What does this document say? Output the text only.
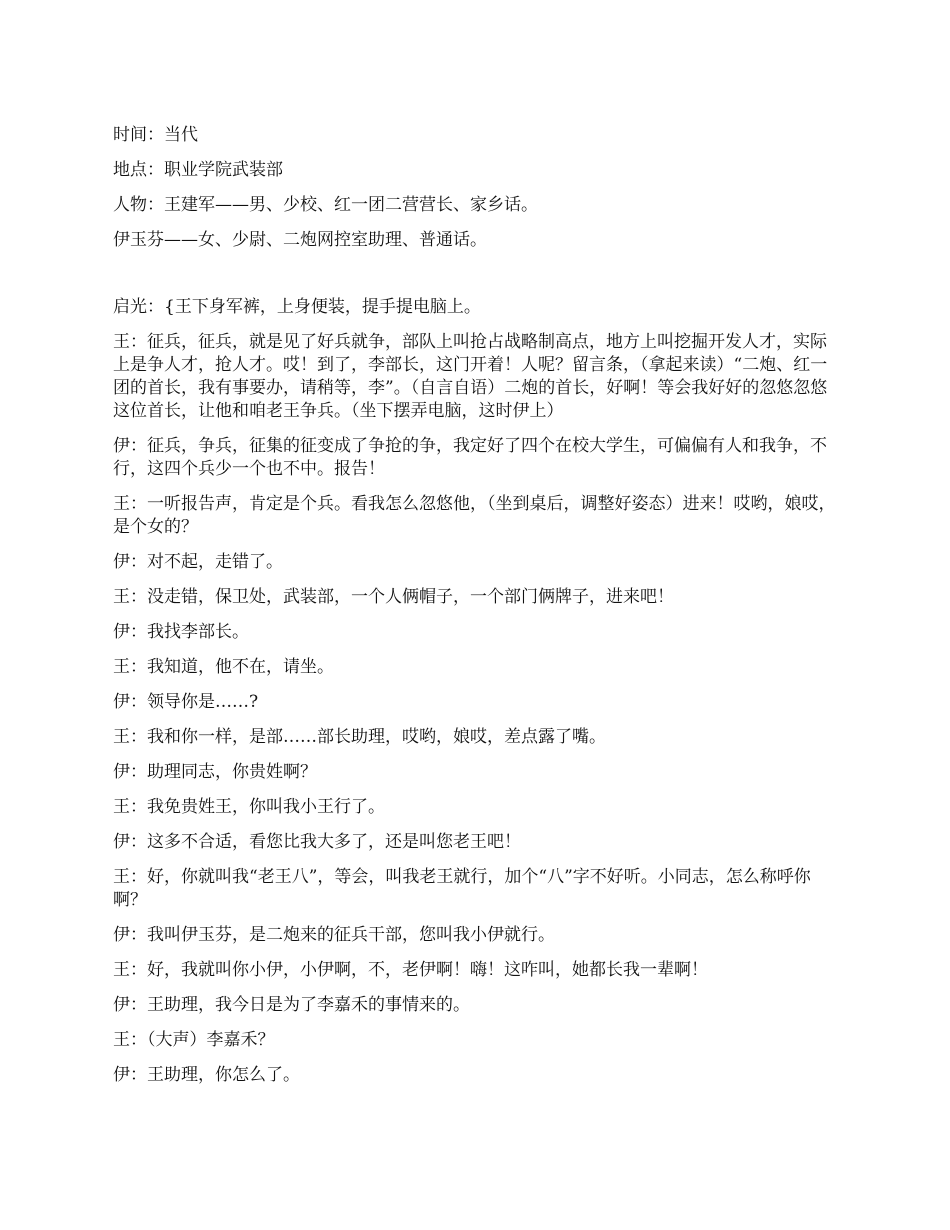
时间：当代

地点：职业学院武装部

人物：王建军——男、少校、红一团二营营长、家乡话。

伊玉芬——女、少尉、二炮网控室助理、普通话。

启光：{王下身军裤，上身便装，提手提电脑上。

王：征兵，征兵，就是见了好兵就争，部队上叫抢占战略制高点，地方上叫挖掘开发人才，实际上是争人才，抢人才。哎！到了，李部长，这门开着！人呢？留言条，（拿起来读）“二炮、红一团的首长，我有事要办，请稍等，李”。（自言自语）二炮的首长，好啊！等会我好好的忽悠忽悠这位首长，让他和咱老王争兵。（坐下摆弄电脑，这时伊上）

伊：征兵，争兵，征集的征变成了争抢的争，我定好了四个在校大学生，可偏偏有人和我争，不行，这四个兵少一个也不中。报告！

王：一听报告声，肯定是个兵。看我怎么忽悠他，（坐到桌后，调整好姿态）进来！哎哟，娘哎，是个女的？

伊：对不起，走错了。

王：没走错，保卫处，武装部，一个人俩帽子，一个部门俩牌子，进来吧！

伊：我找李部长。

王：我知道，他不在，请坐。

伊：领导你是……?

王：我和你一样，是部……部长助理，哎哟，娘哎，差点露了嘴。

伊：助理同志，你贵姓啊？

王：我免贵姓王，你叫我小王行了。

伊：这多不合适，看您比我大多了，还是叫您老王吧！

王：好，你就叫我“老王八”，等会，叫我老王就行，加个“八”字不好听。小同志，怎么称呼你啊？

伊：我叫伊玉芬，是二炮来的征兵干部，您叫我小伊就行。

王：好，我就叫你小伊，小伊啊，不，老伊啊！嗨！这咋叫，她都长我一辈啊！

伊：王助理，我今日是为了李嘉禾的事情来的。

王：（大声）李嘉禾？

伊：王助理，你怎么了。
